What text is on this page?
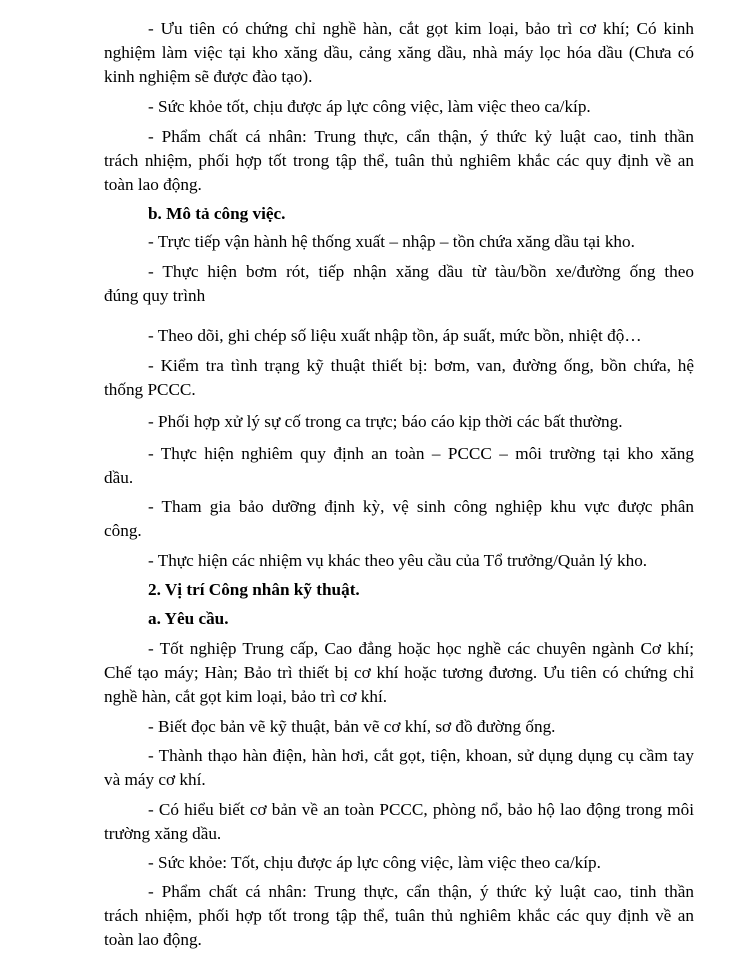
- Ưu tiên có chứng chỉ nghề hàn, cắt gọt kim loại, bảo trì cơ khí; Có kinh
nghiệm làm việc tại kho xăng dầu, cảng xăng dầu, nhà máy lọc hóa dầu (Chưa có
kinh nghiệm sẽ được đào tạo).
- Sức khỏe tốt, chịu được áp lực công việc, làm việc theo ca/kíp.
- Phẩm chất cá nhân: Trung thực, cẩn thận, ý thức kỷ luật cao, tinh thần
trách nhiệm, phối hợp tốt trong tập thể, tuân thủ nghiêm khắc các quy định về an
toàn lao động.
b. Mô tả công việc.
- Trực tiếp vận hành hệ thống xuất – nhập – tồn chứa xăng dầu tại kho.
- Thực hiện bơm rót, tiếp nhận xăng dầu từ tàu/bồn xe/đường ống theo
đúng quy trình
- Theo dõi, ghi chép số liệu xuất nhập tồn, áp suất, mức bồn, nhiệt độ…
- Kiểm tra tình trạng kỹ thuật thiết bị: bơm, van, đường ống, bồn chứa, hệ
thống PCCC.
- Phối hợp xử lý sự cố trong ca trực; báo cáo kịp thời các bất thường.
- Thực hiện nghiêm quy định an toàn – PCCC – môi trường tại kho xăng
dầu.
- Tham gia bảo dưỡng định kỳ, vệ sinh công nghiệp khu vực được phân
công.
- Thực hiện các nhiệm vụ khác theo yêu cầu của Tổ trưởng/Quản lý kho.
2. Vị trí Công nhân kỹ thuật.
a. Yêu cầu.
- Tốt nghiệp Trung cấp, Cao đẳng hoặc học nghề các chuyên ngành Cơ khí;
Chế tạo máy; Hàn; Bảo trì thiết bị cơ khí hoặc tương đương. Ưu tiên có chứng chỉ
nghề hàn, cắt gọt kim loại, bảo trì cơ khí.
- Biết đọc bản vẽ kỹ thuật, bản vẽ cơ khí, sơ đồ đường ống.
- Thành thạo hàn điện, hàn hơi, cắt gọt, tiện, khoan, sử dụng dụng cụ cầm tay
và máy cơ khí.
- Có hiểu biết cơ bản về an toàn PCCC, phòng nổ, bảo hộ lao động trong môi
trường xăng dầu.
- Sức khỏe: Tốt, chịu được áp lực công việc, làm việc theo ca/kíp.
- Phẩm chất cá nhân: Trung thực, cẩn thận, ý thức kỷ luật cao, tinh thần
trách nhiệm, phối hợp tốt trong tập thể, tuân thủ nghiêm khắc các quy định về an
toàn lao động.
